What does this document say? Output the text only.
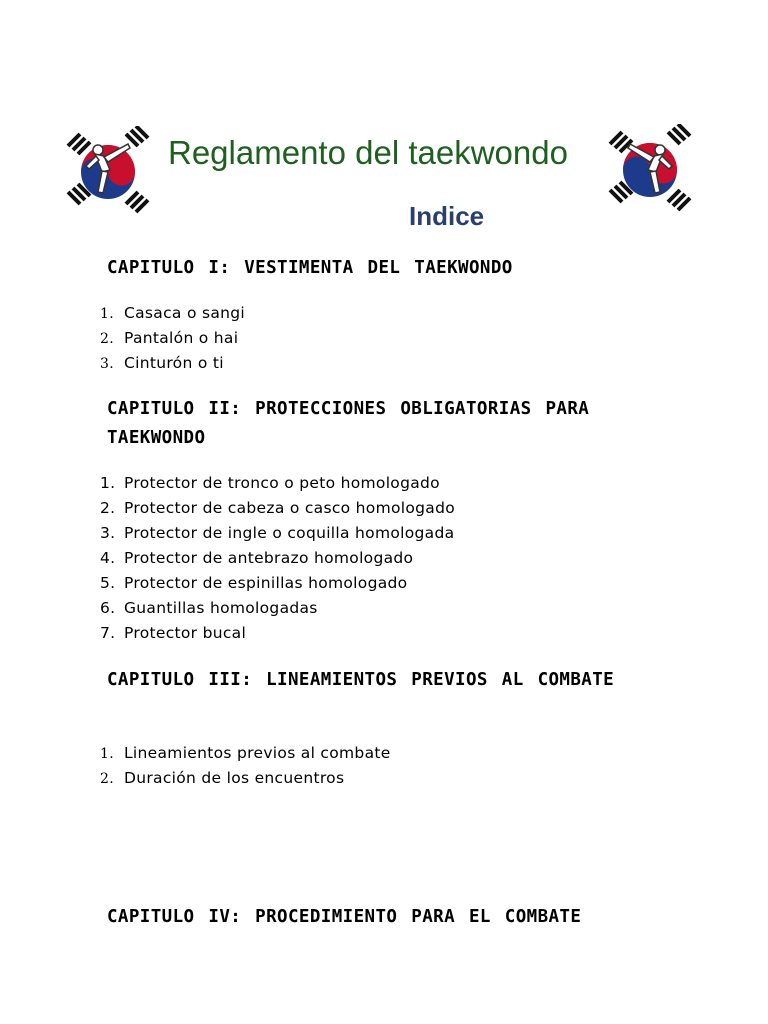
Reglamento del taekwondo
Indice

CAPITULO I: VESTIMENTA DEL TAEKWONDO

1. Casaca o sangi
2. Pantalón o hai
3. Cinturón o ti

CAPITULO II: PROTECCIONES OBLIGATORIAS PARA TAEKWONDO

1. Protector de tronco o peto homologado
2. Protector de cabeza o casco homologado
3. Protector de ingle o coquilla homologada
4. Protector de antebrazo homologado
5. Protector de espinillas homologado
6. Guantillas homologadas
7. Protector bucal

CAPITULO III: LINEAMIENTOS PREVIOS AL COMBATE

1. Lineamientos previos al combate
2. Duración de los encuentros

CAPITULO IV: PROCEDIMIENTO PARA EL COMBATE
